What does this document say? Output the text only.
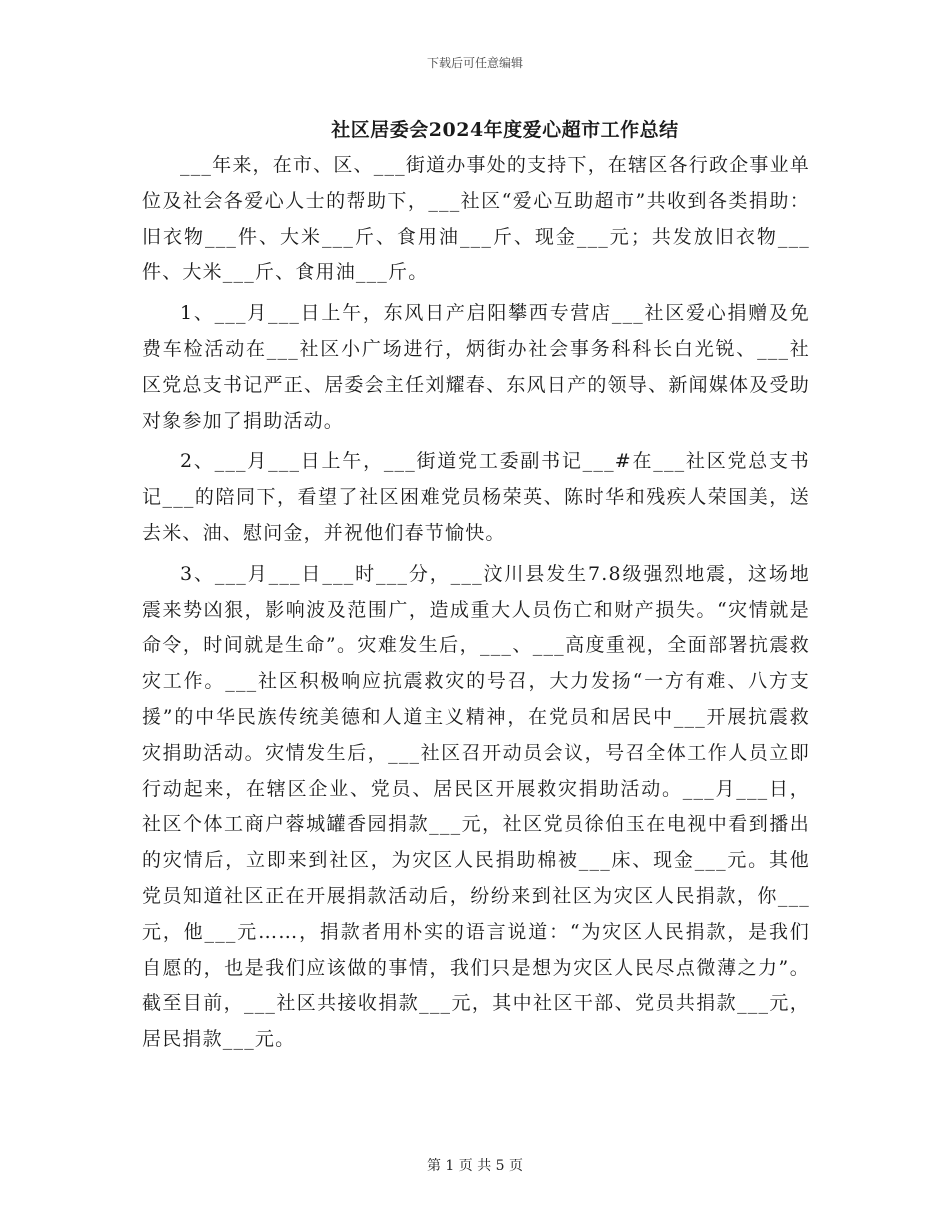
下载后可任意编辑
社区居委会2024年度爱心超市工作总结

___年来，在市、区、___街道办事处的支持下，在辖区各行政企事业单位及社会各爱心人士的帮助下，___社区“爱心互助超市”共收到各类捐助：旧衣物___件、大米___斤、食用油___斤、现金___元；共发放旧衣物___件、大米___斤、食用油___斤。

1、___月___日上午，东风日产启阳攀西专营店___社区爱心捐赠及免费车检活动在___社区小广场进行，炳街办社会事务科科长白光锐、___社区党总支书记严正、居委会主任刘耀春、东风日产的领导、新闻媒体及受助对象参加了捐助活动。

2、___月___日上午，___街道党工委副书记___#在___社区党总支书记___的陪同下，看望了社区困难党员杨荣英、陈时华和残疾人荣国美，送去米、油、慰问金，并祝他们春节愉快。

3、___月___日___时___分，___汶川县发生7.8级强烈地震，这场地震来势凶狠，影响波及范围广，造成重大人员伤亡和财产损失。“灾情就是命令，时间就是生命”。灾难发生后，___、___高度重视，全面部署抗震救灾工作。___社区积极响应抗震救灾的号召，大力发扬“一方有难、八方支援”的中华民族传统美德和人道主义精神，在党员和居民中___开展抗震救灾捐助活动。灾情发生后，___社区召开动员会议，号召全体工作人员立即行动起来，在辖区企业、党员、居民区开展救灾捐助活动。___月___日，社区个体工商户蓉城罐香园捐款___元，社区党员徐伯玉在电视中看到播出的灾情后，立即来到社区，为灾区人民捐助棉被___床、现金___元。其他党员知道社区正在开展捐款活动后，纷纷来到社区为灾区人民捐款，你___元，他___元……，捐款者用朴实的语言说道：“为灾区人民捐款，是我们自愿的，也是我们应该做的事情，我们只是想为灾区人民尽点微薄之力”。截至目前，___社区共接收捐款___元，其中社区干部、党员共捐款___元，居民捐款___元。

第 1 页 共 5 页
